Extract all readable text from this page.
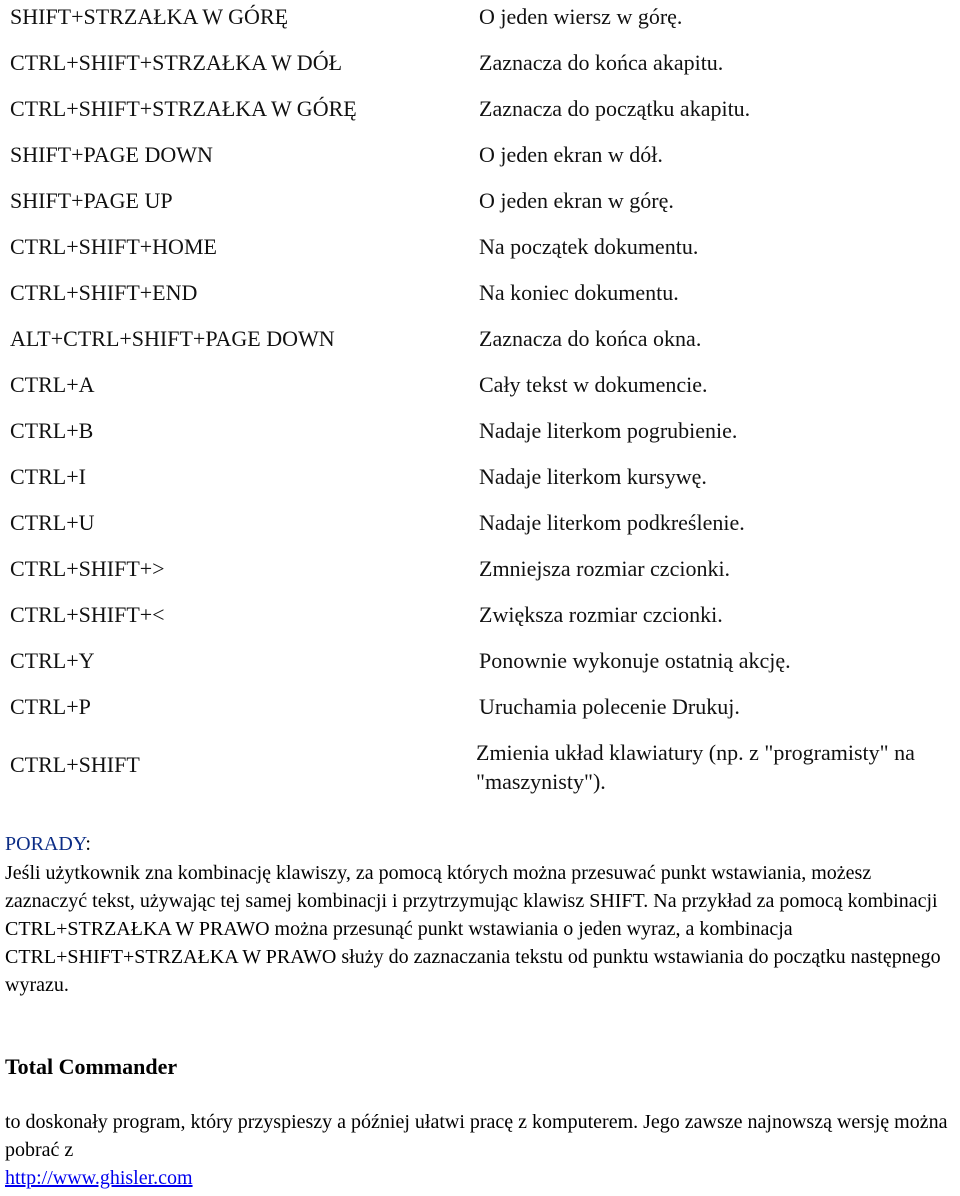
SHIFT+STRZAŁKA W GÓRĘ	O jeden wiersz w górę.
CTRL+SHIFT+STRZAŁKA W DÓŁ	Zaznacza do końca akapitu.
CTRL+SHIFT+STRZAŁKA W GÓRĘ	Zaznacza do początku akapitu.
SHIFT+PAGE DOWN	O jeden ekran w dół.
SHIFT+PAGE UP	O jeden ekran w górę.
CTRL+SHIFT+HOME	Na początek dokumentu.
CTRL+SHIFT+END	Na koniec dokumentu.
ALT+CTRL+SHIFT+PAGE DOWN	Zaznacza do końca okna.
CTRL+A	Cały tekst w dokumencie.
CTRL+B	Nadaje literkom pogrubienie.
CTRL+I	Nadaje literkom kursywę.
CTRL+U	Nadaje literkom podkreślenie.
CTRL+SHIFT+>	Zmniejsza rozmiar czcionki.
CTRL+SHIFT+<	Zwiększa rozmiar czcionki.
CTRL+Y	Ponownie wykonuje ostatnią akcję.
CTRL+P	Uruchamia polecenie Drukuj.
CTRL+SHIFT	Zmienia układ klawiatury (np. z "programisty" na "maszynisty").
PORADY:
Jeśli użytkownik zna kombinację klawiszy, za pomocą których można przesuwać punkt wstawiania, możesz zaznaczyć tekst, używając tej samej kombinacji i przytrzymując klawisz SHIFT. Na przykład za pomocą kombinacji CTRL+STRZAŁKA W PRAWO można przesunąć punkt wstawiania o jeden wyraz, a kombinacja CTRL+SHIFT+STRZAŁKA W PRAWO służy do zaznaczania tekstu od punktu wstawiania do początku następnego wyrazu.
Total Commander
to doskonały program, który przyspieszy a później ułatwi pracę z komputerem. Jego zawsze najnowszą wersję można pobrać z
http://www.ghisler.com
